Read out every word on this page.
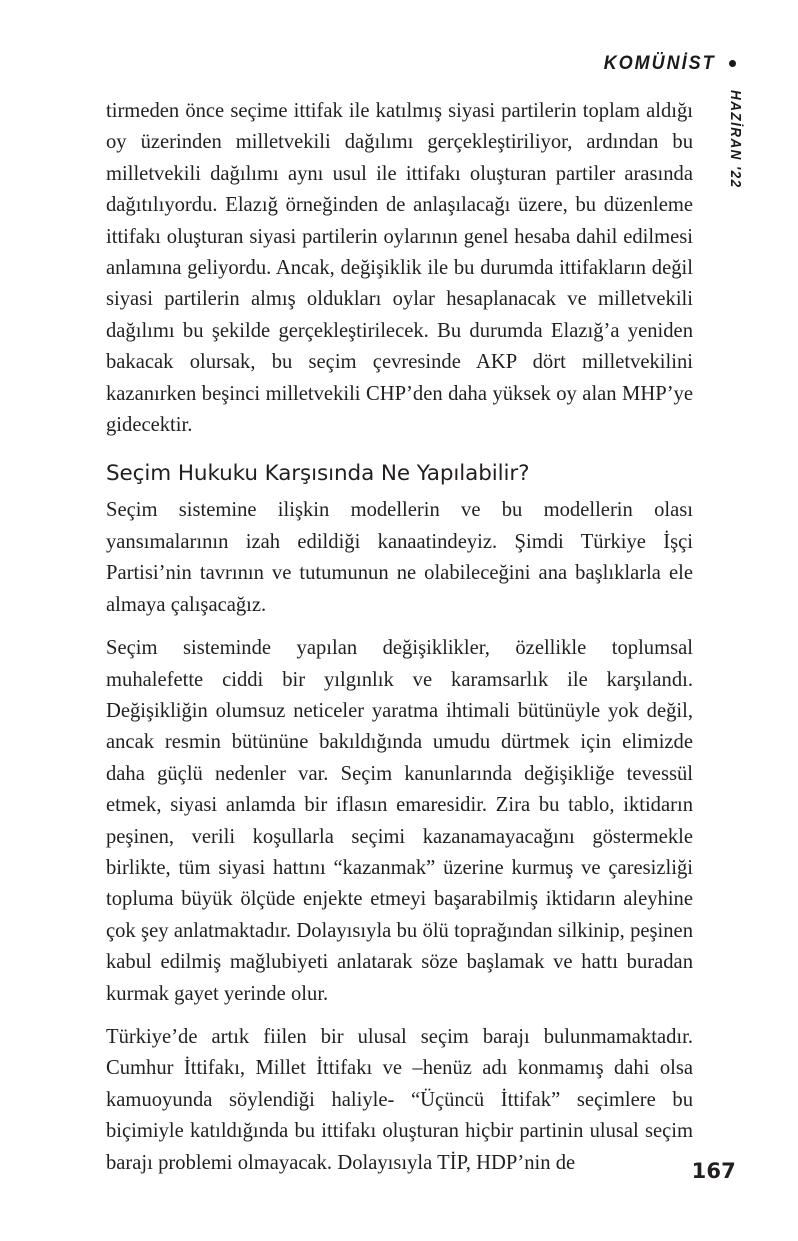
KOMÜNİST
HAZİRAN '22

tirmeden önce seçime ittifak ile katılmış siyasi partilerin toplam aldığı oy üzerinden milletvekili dağılımı gerçekleştiriliyor, ardından bu milletvekili dağılımı aynı usul ile ittifakı oluşturan partiler arasında dağıtılıyordu. Elazığ örneğinden de anlaşılacağı üzere, bu düzenleme ittifakı oluşturan siyasi partilerin oylarının genel hesaba dahil edilmesi anlamına geliyordu. Ancak, değişiklik ile bu durumda ittifakların değil siyasi partilerin almış oldukları oylar hesaplanacak ve milletvekili dağılımı bu şekilde gerçekleştirilecek. Bu durumda Elazığ’a yeniden bakacak olursak, bu seçim çevresinde AKP dört milletvekilini kazanırken beşinci milletvekili CHP’den daha yüksek oy alan MHP’ye gidecektir.

Seçim Hukuku Karşısında Ne Yapılabilir?

Seçim sistemine ilişkin modellerin ve bu modellerin olası yansımalarının izah edildiği kanaatindeyiz. Şimdi Türkiye İşçi Partisi’nin tavrının ve tutumunun ne olabileceğini ana başlıklarla ele almaya çalışacağız.

Seçim sisteminde yapılan değişiklikler, özellikle toplumsal muhalefette ciddi bir yılgınlık ve karamsarlık ile karşılandı. Değişikliğin olumsuz neticeler yaratma ihtimali bütünüyle yok değil, ancak resmin bütününe bakıldığında umudu dürtmek için elimizde daha güçlü nedenler var. Seçim kanunlarında değişikliğe tevessül etmek, siyasi anlamda bir iflasın emaresidir. Zira bu tablo, iktidarın peşinen, verili koşullarla seçimi kazanamayacağını göstermekle birlikte, tüm siyasi hattını “kazanmak” üzerine kurmuş ve çaresizliği topluma büyük ölçüde enjekte etmeyi başarabilmiş iktidarın aleyhine çok şey anlatmaktadır. Dolayısıyla bu ölü toprağından silkinip, peşinen kabul edilmiş mağlubiyeti anlatarak söze başlamak ve hattı buradan kurmak gayet yerinde olur.

Türkiye’de artık fiilen bir ulusal seçim barajı bulunmamaktadır. Cumhur İttifakı, Millet İttifakı ve –henüz adı konmamış dahi olsa kamuoyunda söylendiği haliyle- “Üçüncü İttifak” seçimlere bu biçimiyle katıldığında bu ittifakı oluşturan hiçbir partinin ulusal seçim barajı problemi olmayacak. Dolayısıyla TİP, HDP’nin de	167
